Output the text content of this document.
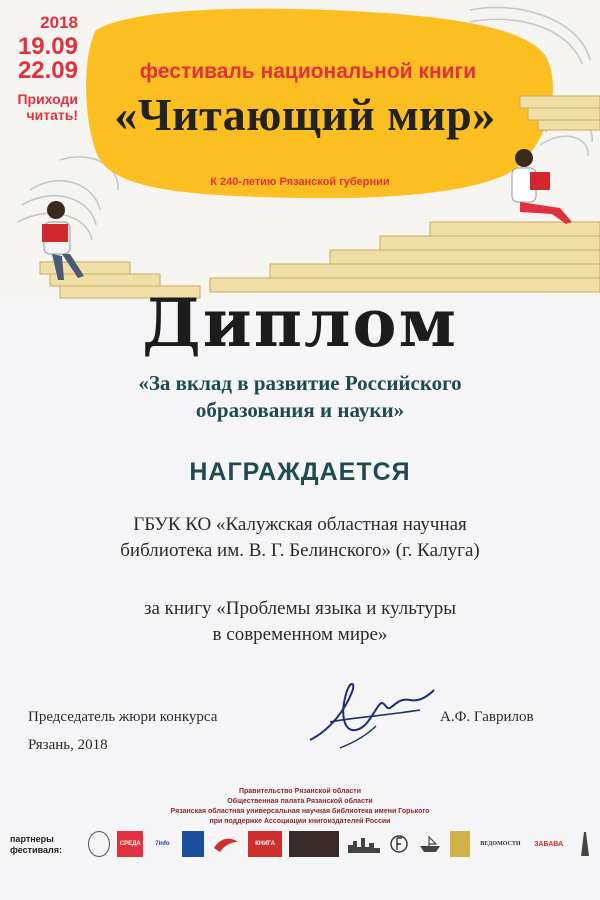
2018
19.09
22.09
Приходи
читать!
фестиваль национальной книги
«Читающий мир»
К 240-летию Рязанской губернии
Диплом
«За вклад в развитие Российского
образования и науки»
НАГРАЖДАЕТСЯ
ГБУК КО «Калужская областная научная
библиотека им. В. Г. Белинского» (г. Калуга)
за книгу «Проблемы языка и культуры
в современном мире»
Председатель жюри конкурса
Рязань, 2018
А.Ф. Гаврилов
Правительство Рязанской области
Общественная палата Рязанской области
Рязанская областная универсальная научная библиотека имени Горького
при поддержке Ассоциации книгоиздателей России
партнеры
фестиваля:
СРЕДА	7info	КНИГА	ВЕДОМОСТИ	ЗАБАВА
